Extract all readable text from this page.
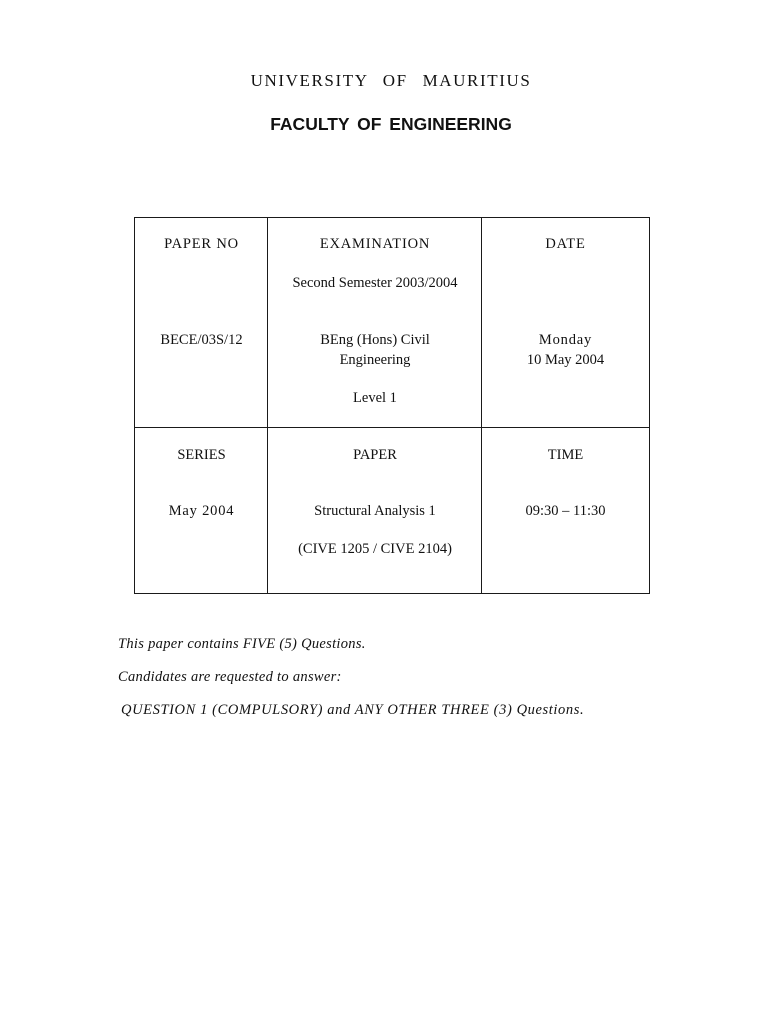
UNIVERSITY OF MAURITIUS
FACULTY OF ENGINEERING
PAPER NO
BECE/03S/12
EXAMINATION
Second Semester 2003/2004
BEng (Hons) Civil
Engineering
Level 1
DATE
Monday
10 May 2004
SERIES
May 2004
PAPER
Structural Analysis 1
(CIVE 1205 / CIVE 2104)
TIME
09:30 – 11:30
This paper contains FIVE (5) Questions.
Candidates are requested to answer:
QUESTION 1 (COMPULSORY) and ANY OTHER THREE (3) Questions.
